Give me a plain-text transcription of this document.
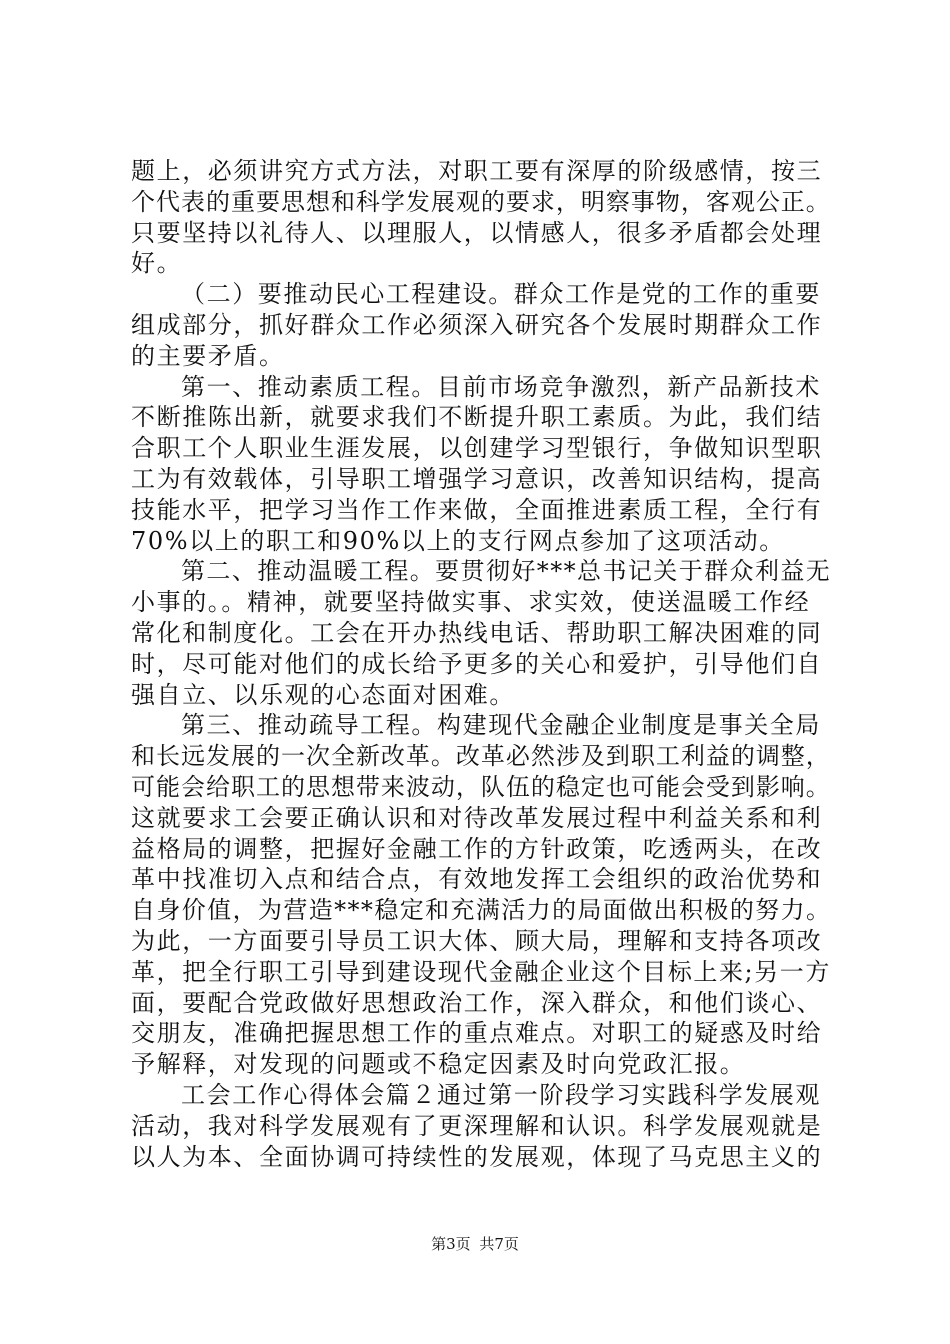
题上，必须讲究方式方法，对职工要有深厚的阶级感情，按三
个代表的重要思想和科学发展观的要求，明察事物，客观公正。
只要坚持以礼待人、以理服人，以情感人，很多矛盾都会处理
好。
（二）要推动民心工程建设。群众工作是党的工作的重要
组成部分，抓好群众工作必须深入研究各个发展时期群众工作
的主要矛盾。
第一、推动素质工程。目前市场竞争激烈，新产品新技术
不断推陈出新，就要求我们不断提升职工素质。为此，我们结
合职工个人职业生涯发展，以创建学习型银行，争做知识型职
工为有效载体，引导职工增强学习意识，改善知识结构，提高
技能水平，把学习当作工作来做，全面推进素质工程，全行有
70%以上的职工和90%以上的支行网点参加了这项活动。
第二、推动温暖工程。要贯彻好***总书记关于群众利益无
小事的。。精神，就要坚持做实事、求实效，使送温暖工作经
常化和制度化。工会在开办热线电话、帮助职工解决困难的同
时，尽可能对他们的成长给予更多的关心和爱护，引导他们自
强自立、以乐观的心态面对困难。
第三、推动疏导工程。构建现代金融企业制度是事关全局
和长远发展的一次全新改革。改革必然涉及到职工利益的调整，
可能会给职工的思想带来波动，队伍的稳定也可能会受到影响。
这就要求工会要正确认识和对待改革发展过程中利益关系和利
益格局的调整，把握好金融工作的方针政策，吃透两头，在改
革中找准切入点和结合点，有效地发挥工会组织的政治优势和
自身价值，为营造***稳定和充满活力的局面做出积极的努力。
为此，一方面要引导员工识大体、顾大局，理解和支持各项改
革，把全行职工引导到建设现代金融企业这个目标上来;另一方
面，要配合党政做好思想政治工作，深入群众，和他们谈心、
交朋友，准确把握思想工作的重点难点。对职工的疑惑及时给
予解释，对发现的问题或不稳定因素及时向党政汇报。
工会工作心得体会篇２通过第一阶段学习实践科学发展观
活动，我对科学发展观有了更深理解和认识。科学发展观就是
以人为本、全面协调可持续性的发展观，体现了马克思主义的
第3页 共7页
